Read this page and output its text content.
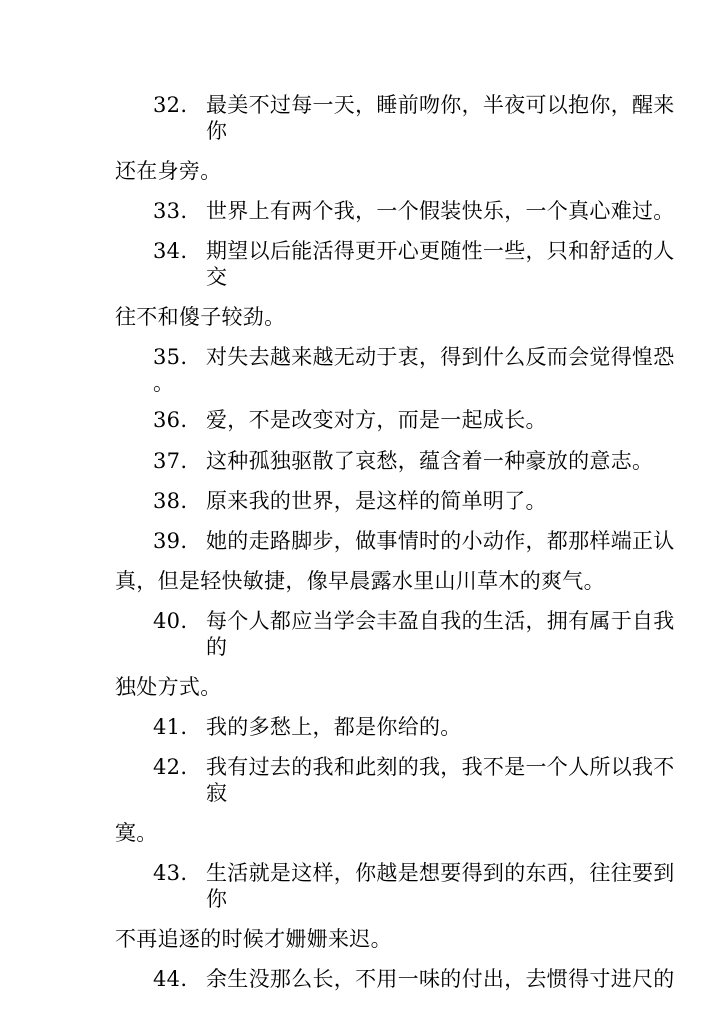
32. 最美不过每一天，睡前吻你，半夜可以抱你，醒来
你
还在身旁。
33. 世界上有两个我，一个假装快乐，一个真心难过。
34. 期望以后能活得更开心更随性一些，只和舒适的人
交
往不和傻子较劲。
35. 对失去越来越无动于衷，得到什么反而会觉得惶恐
。
36. 爱，不是改变对方，而是一起成长。
37. 这种孤独驱散了哀愁，蕴含着一种豪放的意志。
38. 原来我的世界，是这样的简单明了。
39. 她的走路脚步，做事情时的小动作，都那样端正认
真，但是轻快敏捷，像早晨露水里山川草木的爽气。
40. 每个人都应当学会丰盈自我的生活，拥有属于自我
的
独处方式。
41. 我的多愁上，都是你给的。
42. 我有过去的我和此刻的我，我不是一个人所以我不
寂
寞。
43. 生活就是这样，你越是想要得到的东西，往往要到
你
不再追逐的时候才姗姗来迟。
44. 余生没那么长，不用一味的付出，去惯得寸进尺的
